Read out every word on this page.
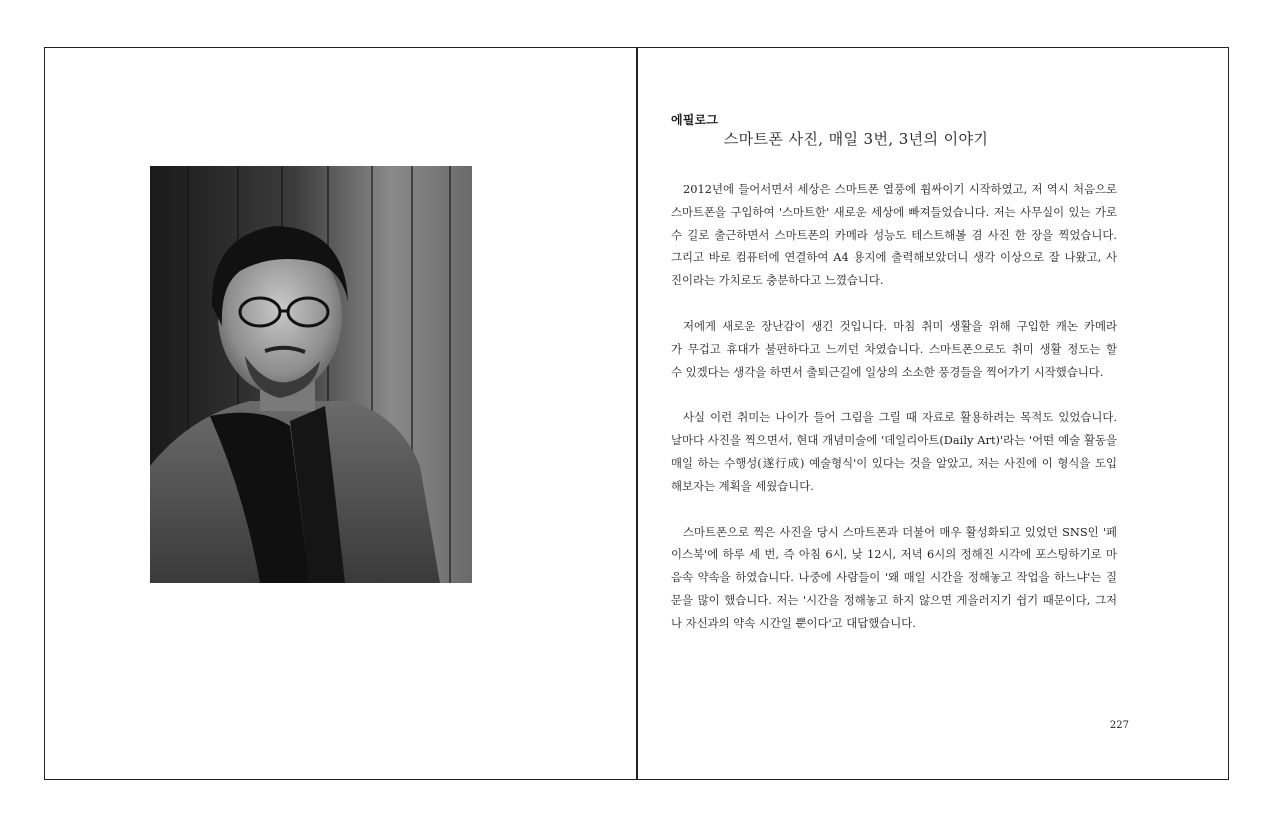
에필로그
스마트폰 사진, 매일 3번, 3년의 이야기
2012년에 들어서면서 세상은 스마트폰 열풍에 휩싸이기 시작하였고, 저 역시 처음으로
스마트폰을 구입하여 '스마트한' 새로운 세상에 빠져들었습니다. 저는 사무실이 있는 가로
수 길로 출근하면서 스마트폰의 카메라 성능도 테스트해볼 겸 사진 한 장을 찍었습니다.
그리고 바로 컴퓨터에 연결하여 A4 용지에 출력해보았더니 생각 이상으로 잘 나왔고, 사
진이라는 가치로도 충분하다고 느꼈습니다.
저에게 새로운 장난감이 생긴 것입니다. 마침 취미 생활을 위해 구입한 캐논 카메라
가 무겁고 휴대가 불편하다고 느끼던 차였습니다. 스마트폰으로도 취미 생활 정도는 할
수 있겠다는 생각을 하면서 출퇴근길에 일상의 소소한 풍경들을 찍어가기 시작했습니다.
사실 이런 취미는 나이가 들어 그림을 그릴 때 자료로 활용하려는 목적도 있었습니다.
날마다 사진을 찍으면서, 현대 개념미술에 '데일리아트(Daily Art)'라는 '어떤 예술 활동을
매일 하는 수행성(遂行成) 예술형식'이 있다는 것을 알았고, 저는 사진에 이 형식을 도입
해보자는 계획을 세웠습니다.
스마트폰으로 찍은 사진을 당시 스마트폰과 더불어 매우 활성화되고 있었던 SNS인 '페
이스북'에 하루 세 번, 즉 아침 6시, 낮 12시, 저녁 6시의 정해진 시각에 포스팅하기로 마
음속 약속을 하였습니다. 나중에 사람들이 '왜 매일 시간을 정해놓고 작업을 하느냐'는 질
문을 많이 했습니다. 저는 '시간을 정해놓고 하지 않으면 게을러지기 쉽기 때문이다, 그저
나 자신과의 약속 시간일 뿐이다'고 대답했습니다.
227
